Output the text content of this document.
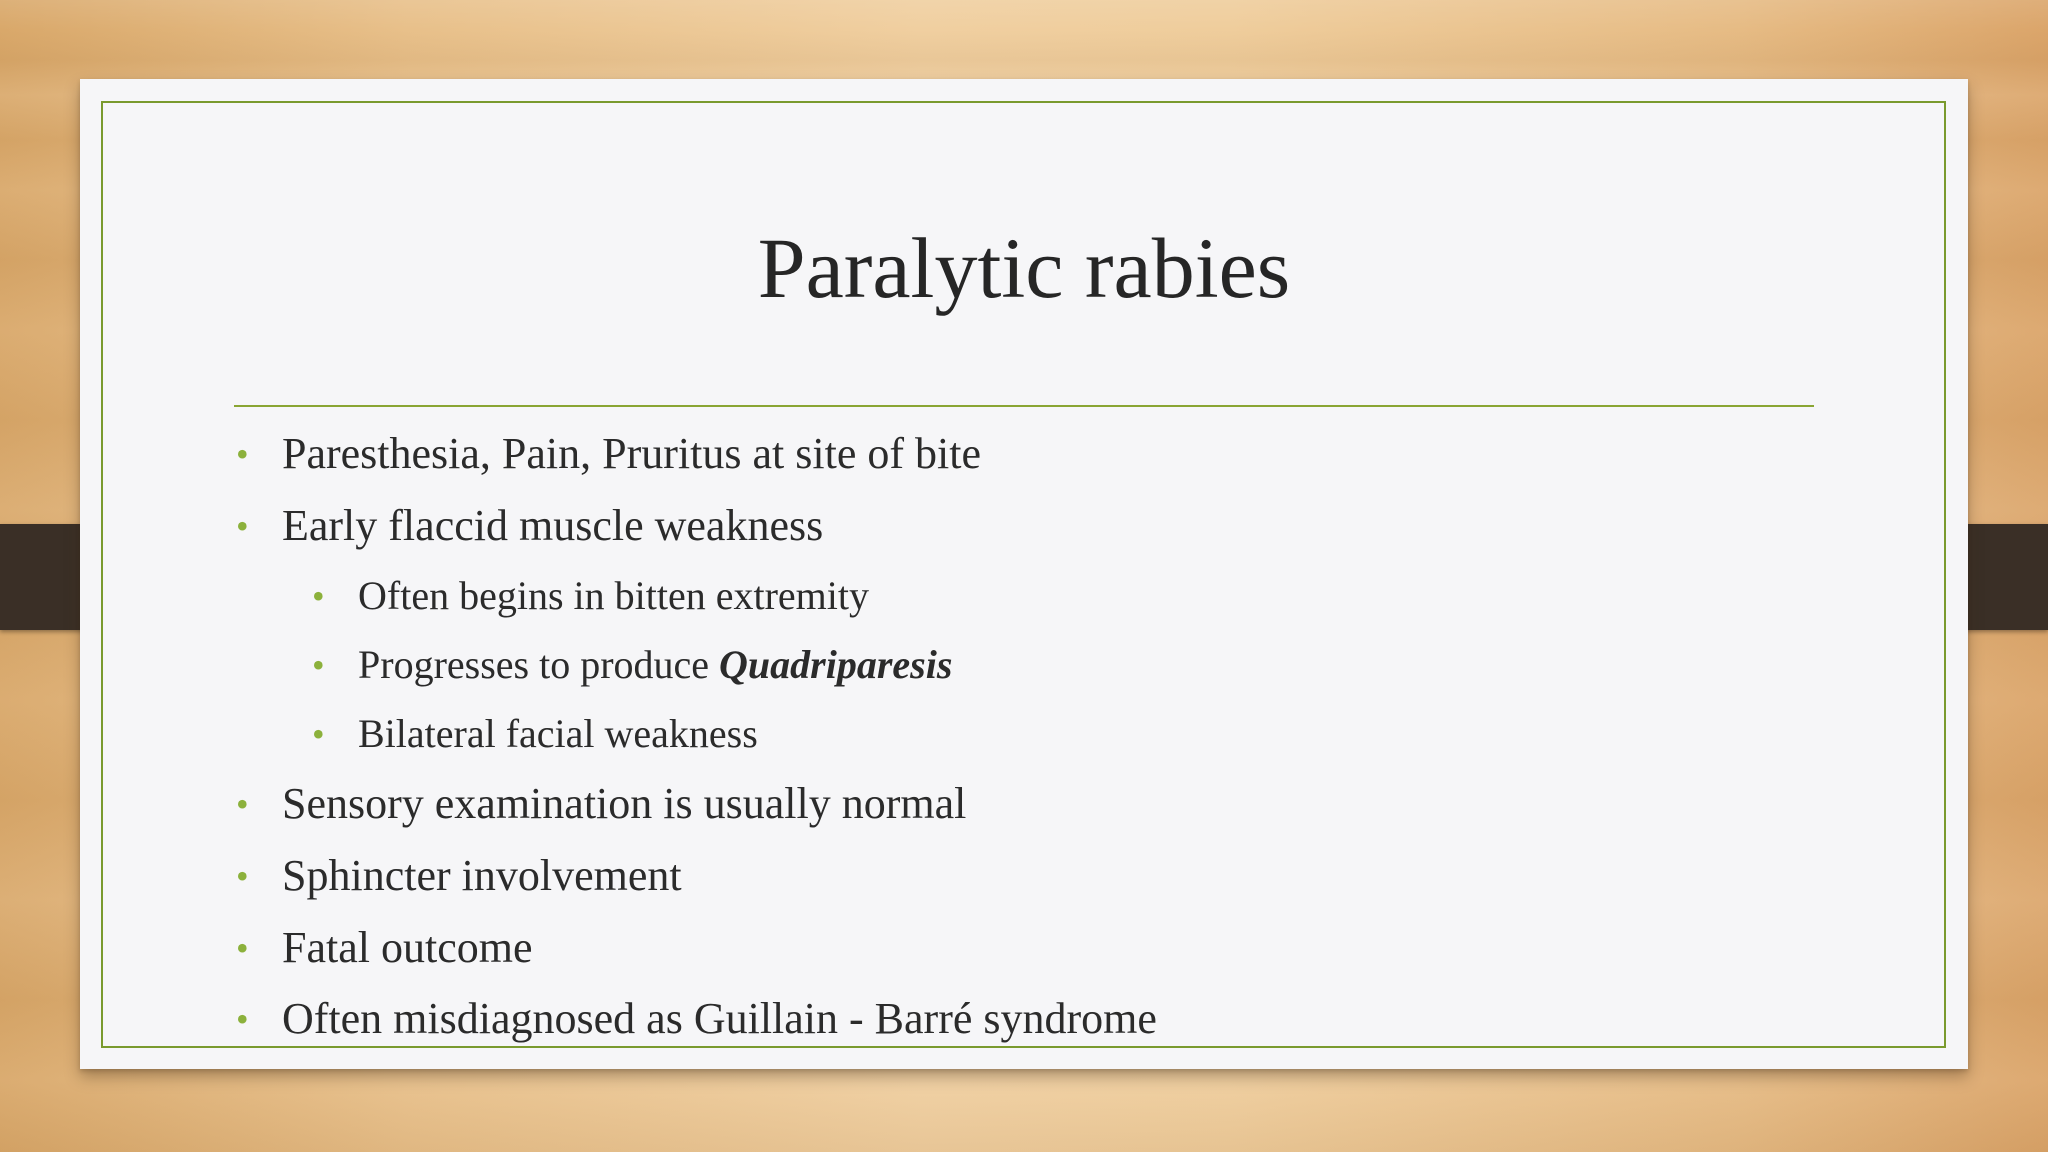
Paralytic rabies
• Paresthesia, Pain, Pruritus at site of bite
• Early flaccid muscle weakness
• Often begins in bitten extremity
• Progresses to produce Quadriparesis
• Bilateral facial weakness
• Sensory examination is usually normal
• Sphincter involvement
• Fatal outcome
• Often misdiagnosed as Guillain - Barré syndrome
